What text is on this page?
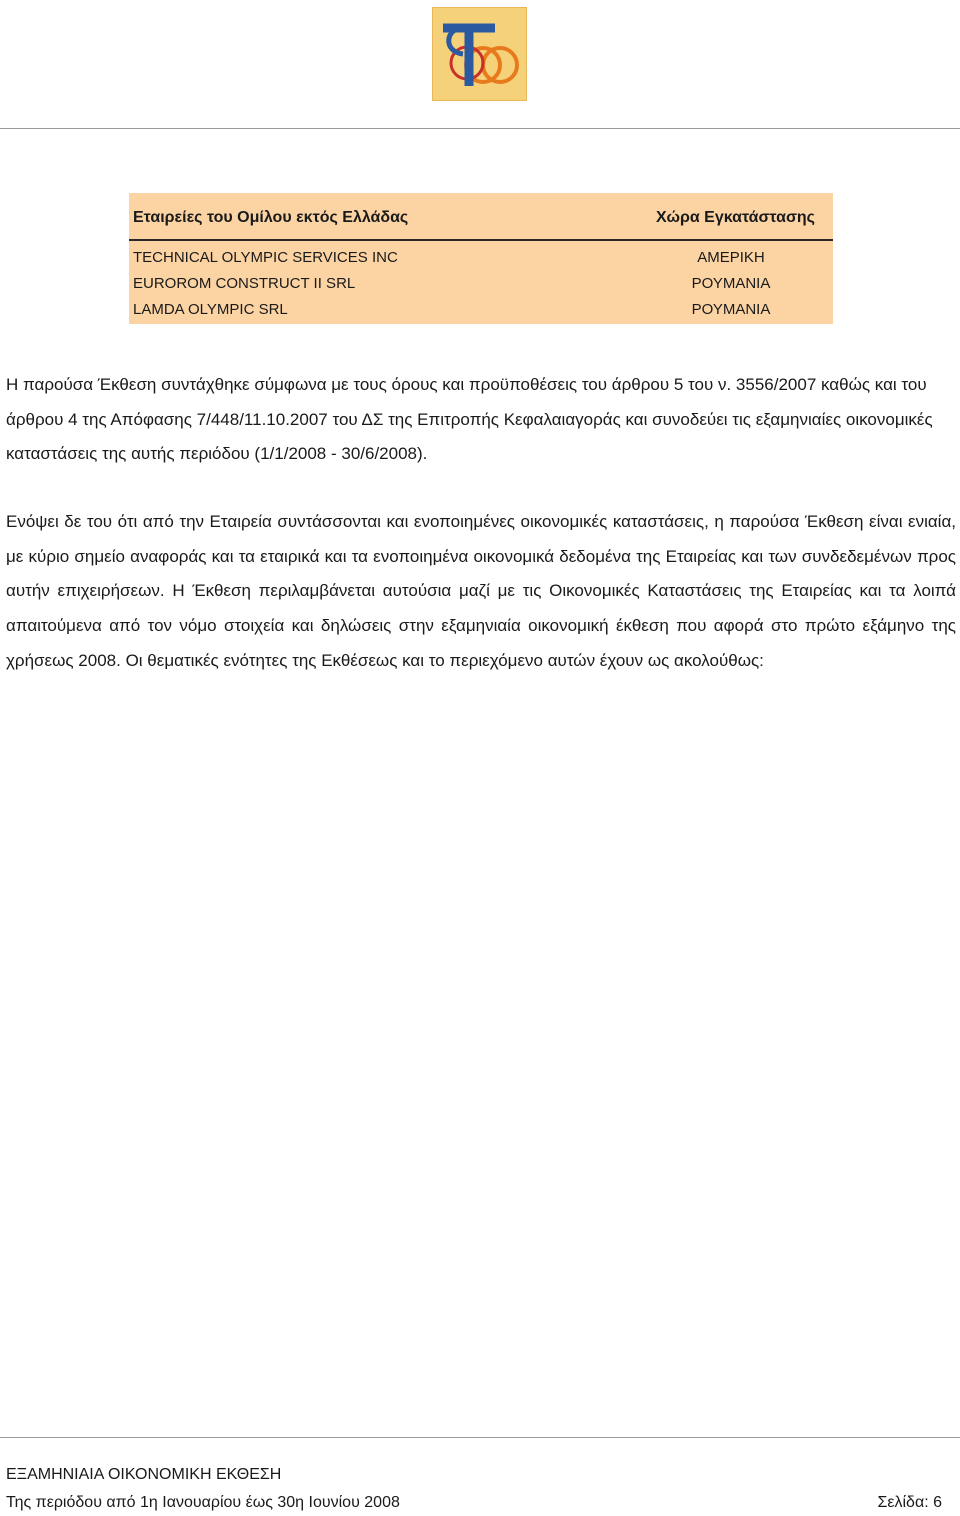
Εταιρείες του Ομίλου εκτός Ελλάδας	Χώρα Εγκατάστασης
TECHNICAL OLYMPIC SERVICES INC	ΑΜΕΡΙΚΗ
EUROROM CONSTRUCT II SRL	ΡΟΥΜΑΝΙΑ
LAMDA OLYMPIC SRL	ΡΟΥΜΑΝΙΑ

Η παρούσα Έκθεση συντάχθηκε σύμφωνα με τους όρους και προϋποθέσεις του άρθρου 5 του ν. 3556/2007 καθώς και του άρθρου 4 της Απόφασης 7/448/11.10.2007 του ΔΣ της Επιτροπής Κεφαλαιαγοράς και συνοδεύει τις εξαμηνιαίες οικονομικές καταστάσεις της αυτής περιόδου (1/1/2008 - 30/6/2008).

Ενόψει δε του ότι από την Εταιρεία συντάσσονται και ενοποιημένες οικονομικές καταστάσεις, η παρούσα Έκθεση είναι ενιαία, με κύριο σημείο αναφοράς και τα εταιρικά και τα ενοποιημένα οικονομικά δεδομένα της Εταιρείας και των συνδεδεμένων προς αυτήν επιχειρήσεων. Η Έκθεση περιλαμβάνεται αυτούσια μαζί με τις Οικονομικές Καταστάσεις της Εταιρείας και τα λοιπά απαιτούμενα από τον νόμο στοιχεία και δηλώσεις στην εξαμηνιαία οικονομική έκθεση που αφορά στο πρώτο εξάμηνο της χρήσεως 2008. Οι θεματικές ενότητες της Εκθέσεως και το περιεχόμενο αυτών έχουν ως ακολούθως:

ΕΞΑΜΗΝΙΑΙΑ ΟΙΚΟΝΟΜΙΚΗ ΕΚΘΕΣΗ
Της περιόδου από 1η Ιανουαρίου έως 30η Ιουνίου 2008	Σελίδα: 6
